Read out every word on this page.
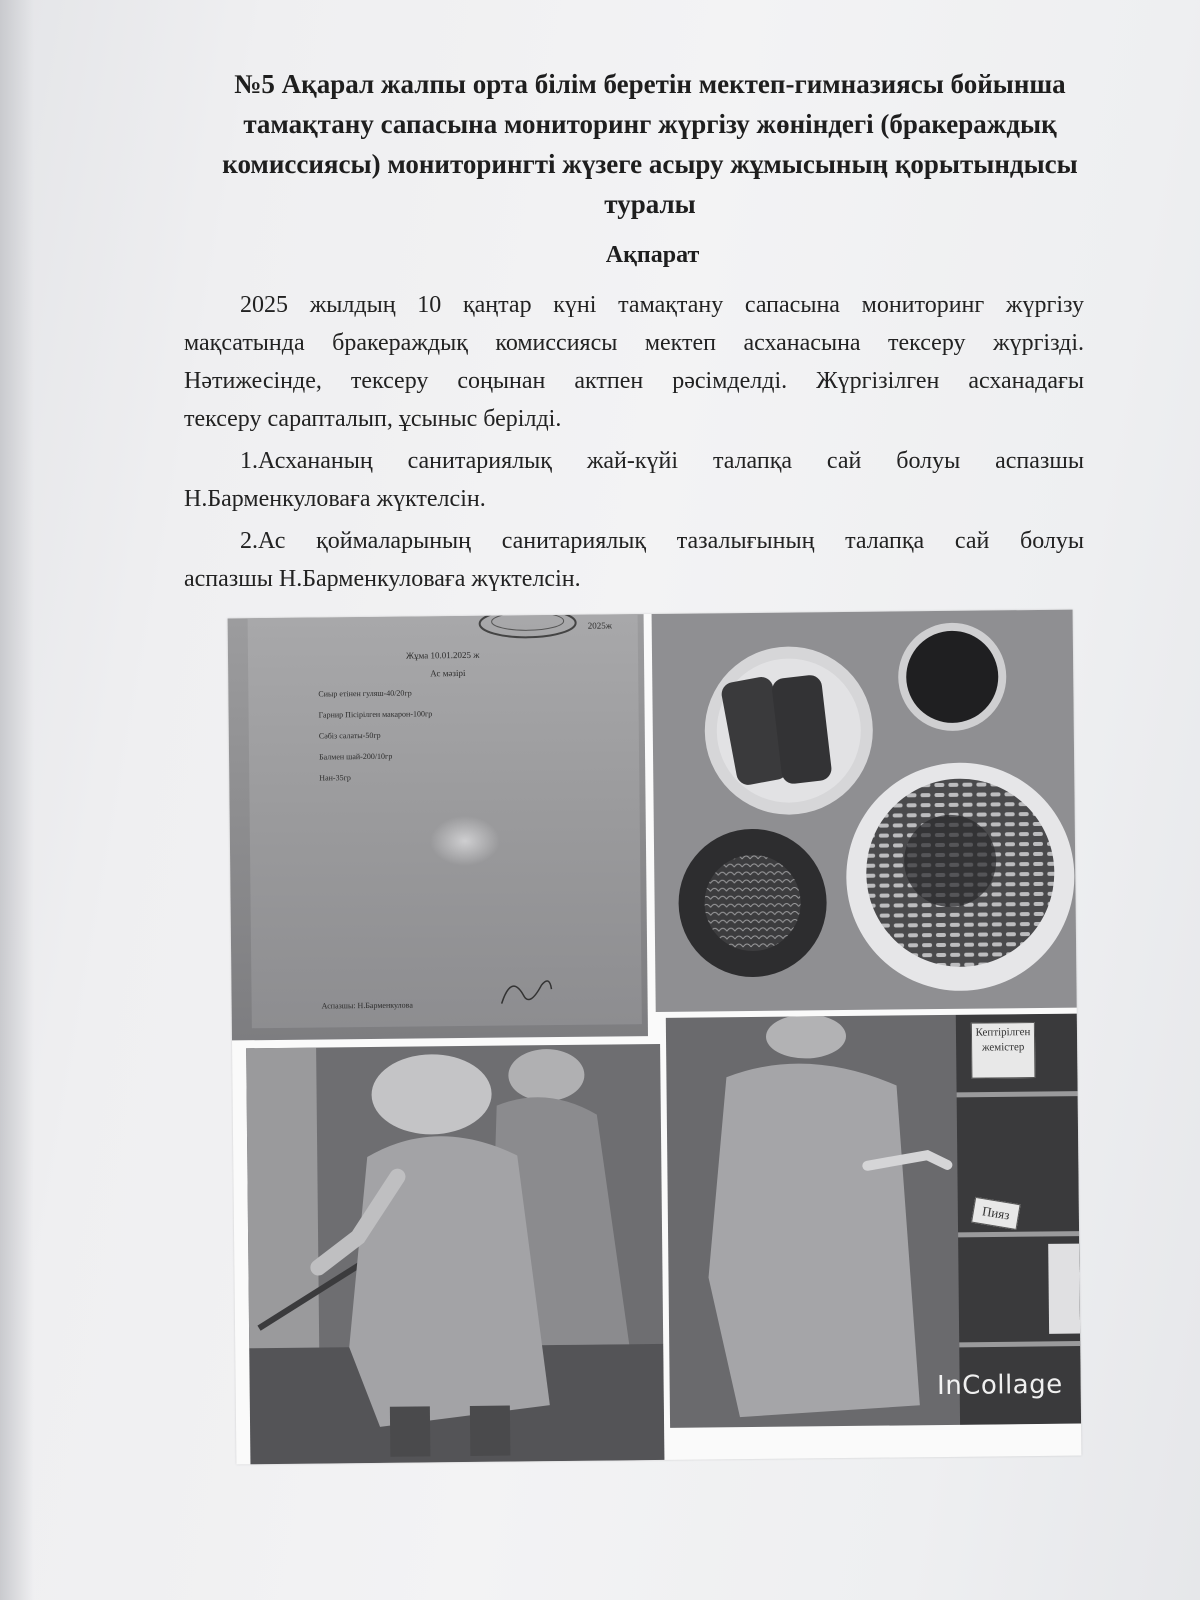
№5 Ақарал жалпы орта білім беретін мектеп-гимназиясы бойынша
тамақтану сапасына мониторинг жүргізу жөніндегі (бракераждық
комиссиясы) мониторингті жүзеге асыру жұмысының қорытындысы
туралы
Ақпарат
2025 жылдың 10 қаңтар күні тамақтану сапасына мониторинг жүргізу
мақсатында бракераждық комиссиясы мектеп асханасына тексеру жүргізді.
Нәтижесінде, тексеру соңынан актпен рәсімделді. Жүргізілген асханадағы
тексеру сарапталып, ұсыныс берілді.
1.Асхананың санитариялық жай-күйі талапқа сай болуы аспазшы
Н.Барменкуловаға жүктелсін.
2.Ас қоймаларының санитариялық тазалығының талапқа сай болуы
аспазшы Н.Барменкуловаға жүктелсін.
2025ж
Жұма 10.01.2025 ж
Ас мәзірі
Сиыр етінен гуляш-40/20гр
Гарнир Пісірілген макарон-100гр
Сәбіз салаты-50гр
Балмен шай-200/10гр
Нан-35гр
Аспазшы: Н.Барменкулова
Кептірілген жемістер
Пияз
InCollage
